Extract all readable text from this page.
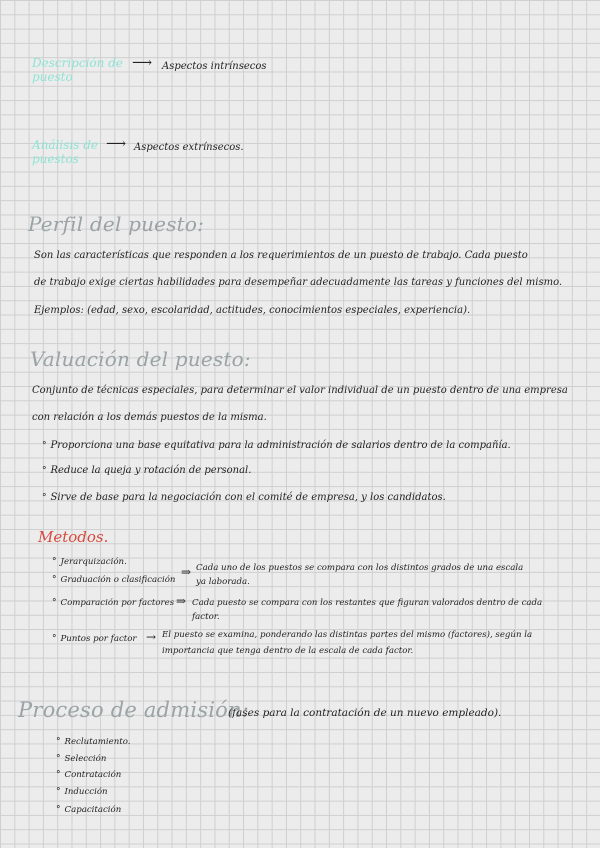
Descripción de puesto
⟶ Aspectos intrínsecos
Análisis de puestos
⟶ Aspectos extrínsecos.
Perfil del puesto:
Son las características que responden a los requerimientos de un puesto de trabajo. Cada puesto
de trabajo exige ciertas habilidades para desempeñar adecuadamente las tareas y funciones del mismo.
Ejemplos: (edad, sexo, escolaridad, actitudes, conocimientos especiales, experiencia).
Valuación del puesto:
Conjunto de técnicas especiales, para determinar el valor individual de un puesto dentro de una empresa
con relación a los demás puestos de la misma.
° Proporciona una base equitativa para la administración de salarios dentro de la compañía.
° Reduce la queja y rotación de personal.
° Sirve de base para la negociación con el comité de empresa, y los candidatos.
Metodos.
° Jerarquización.
° Graduación o clasificación
⇒ Cada uno de los puestos se compara con los distintos grados de una escala
ya laborada.
° Comparación por factores ⇒ Cada puesto se compara con los restantes que figuran valorados dentro de cada
factor.
° Puntos por factor → El puesto se examina, ponderando las distintas partes del mismo (factores), según la
importancia que tenga dentro de la escala de cada factor.
Proceso de admisión:
(fases para la contratación de un nuevo empleado).
° Reclutamiento.
° Selección
° Contratación
° Inducción
° Capacitación
